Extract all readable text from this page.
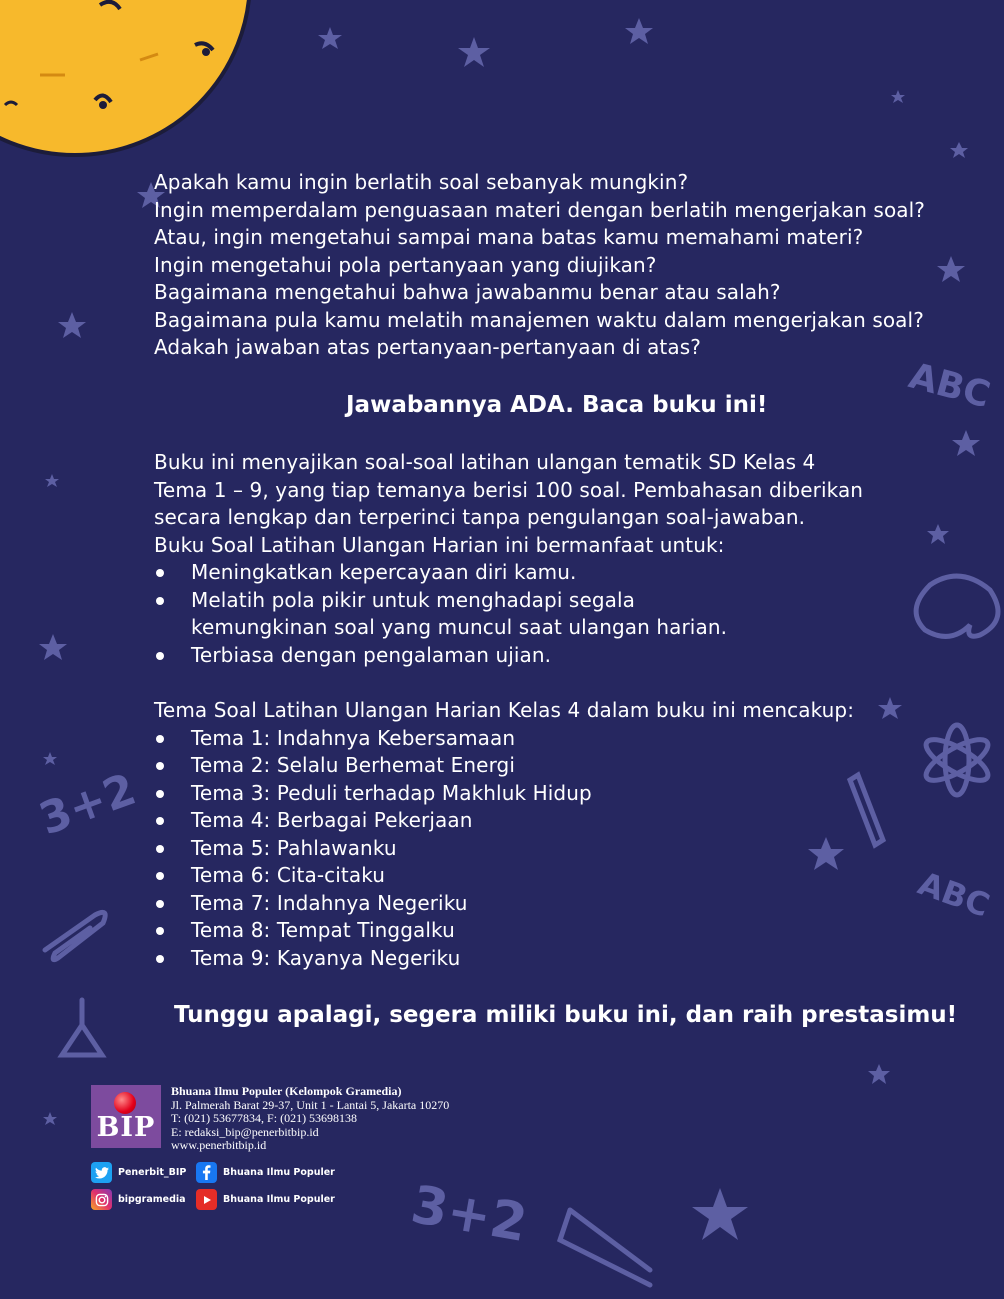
ABC
ABC
3+2
3+2
Apakah kamu ingin berlatih soal sebanyak mungkin?
Ingin memperdalam penguasaan materi dengan berlatih mengerjakan soal?
Atau, ingin mengetahui sampai mana batas kamu memahami materi?
Ingin mengetahui pola pertanyaan yang diujikan?
Bagaimana mengetahui bahwa jawabanmu benar atau salah?
Bagaimana pula kamu melatih manajemen waktu dalam mengerjakan soal?
Adakah jawaban atas pertanyaan-pertanyaan di atas?
Jawabannya ADA. Baca buku ini!
Buku ini menyajikan soal-soal latihan ulangan tematik SD Kelas 4
Tema 1 – 9, yang tiap temanya berisi 100 soal. Pembahasan diberikan
secara lengkap dan terperinci tanpa pengulangan soal-jawaban.
Buku Soal Latihan Ulangan Harian ini bermanfaat untuk:
Meningkatkan kepercayaan diri kamu.
Melatih pola pikir untuk menghadapi segala
kemungkinan soal yang muncul saat ulangan harian.
Terbiasa dengan pengalaman ujian.
Tema Soal Latihan Ulangan Harian Kelas 4 dalam buku ini mencakup:
Tema 1: Indahnya Kebersamaan
Tema 2: Selalu Berhemat Energi
Tema 3: Peduli terhadap Makhluk Hidup
Tema 4: Berbagai Pekerjaan
Tema 5: Pahlawanku
Tema 6: Cita-citaku
Tema 7: Indahnya Negeriku
Tema 8: Tempat Tinggalku
Tema 9: Kayanya Negeriku
Tunggu apalagi, segera miliki buku ini, dan raih prestasimu!
BIP
Bhuana Ilmu Populer (Kelompok Gramedia)
Jl. Palmerah Barat 29-37, Unit 1 - Lantai 5, Jakarta 10270
T: (021) 53677834, F: (021) 53698138
E: redaksi_bip@penerbitbip.id
www.penerbitbip.id
Penerbit_BIP	Bhuana Ilmu Populer
bipgramedia	Bhuana Ilmu Populer
